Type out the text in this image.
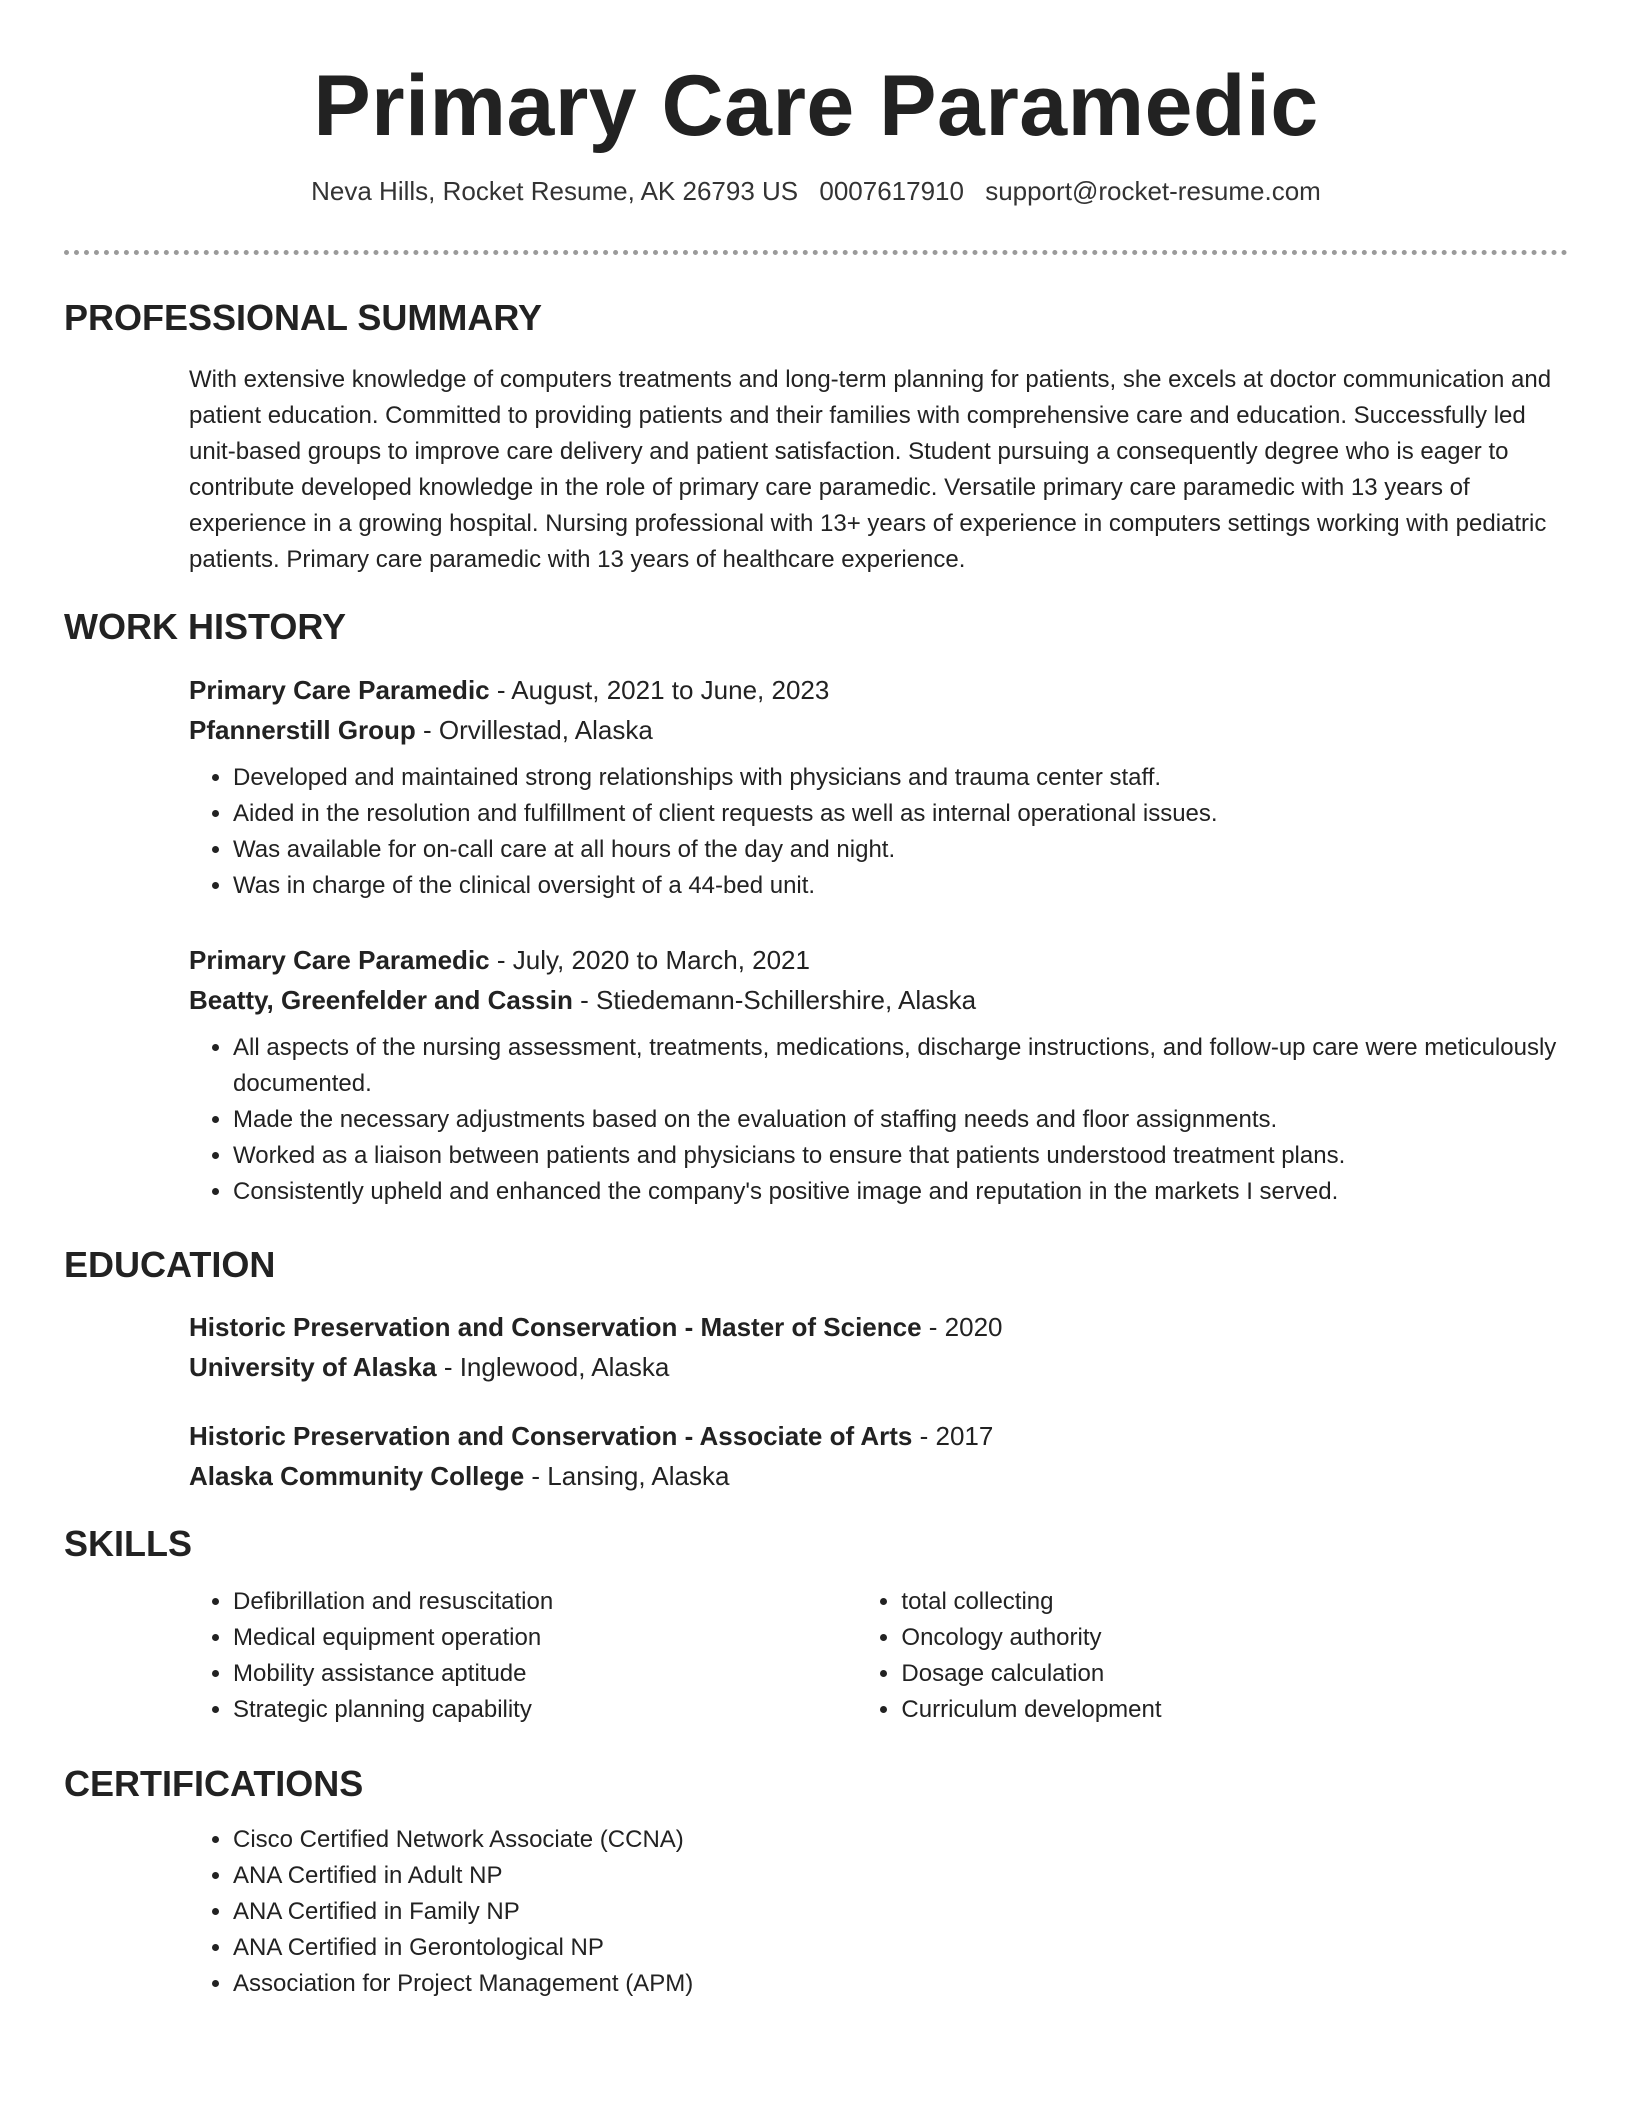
Primary Care Paramedic
Neva Hills, Rocket Resume, AK 26793 US 0007617910 support@rocket-resume.com
PROFESSIONAL SUMMARY

With extensive knowledge of computers treatments and long-term planning for patients, she excels at doctor communication and patient education. Committed to providing patients and their families with comprehensive care and education. Successfully led unit-based groups to improve care delivery and patient satisfaction. Student pursuing a consequently degree who is eager to contribute developed knowledge in the role of primary care paramedic. Versatile primary care paramedic with 13 years of experience in a growing hospital. Nursing professional with 13+ years of experience in computers settings working with pediatric patients. Primary care paramedic with 13 years of healthcare experience.

WORK HISTORY

Primary Care Paramedic - August, 2021 to June, 2023

Pfannerstill Group - Orvillestad, Alaska

• Developed and maintained strong relationships with physicians and trauma center staff.
• Aided in the resolution and fulfillment of client requests as well as internal operational issues.
• Was available for on-call care at all hours of the day and night.
• Was in charge of the clinical oversight of a 44-bed unit.

Primary Care Paramedic - July, 2020 to March, 2021

Beatty, Greenfelder and Cassin - Stiedemann-Schillershire, Alaska

• All aspects of the nursing assessment, treatments, medications, discharge instructions, and follow-up care were meticulously documented.
• Made the necessary adjustments based on the evaluation of staffing needs and floor assignments.
• Worked as a liaison between patients and physicians to ensure that patients understood treatment plans.
• Consistently upheld and enhanced the company's positive image and reputation in the markets I served.
EDUCATION

Historic Preservation and Conservation - Master of Science - 2020

University of Alaska - Inglewood, Alaska

Historic Preservation and Conservation - Associate of Arts - 2017

Alaska Community College - Lansing, Alaska

SKILLS
• Defibrillation and resuscitation
• Medical equipment operation
• Mobility assistance aptitude
• Strategic planning capability
• total collecting
• Oncology authority
• Dosage calculation
• Curriculum development
CERTIFICATIONS
• Cisco Certified Network Associate (CCNA)
• ANA Certified in Adult NP
• ANA Certified in Family NP
• ANA Certified in Gerontological NP
• Association for Project Management (APM)
